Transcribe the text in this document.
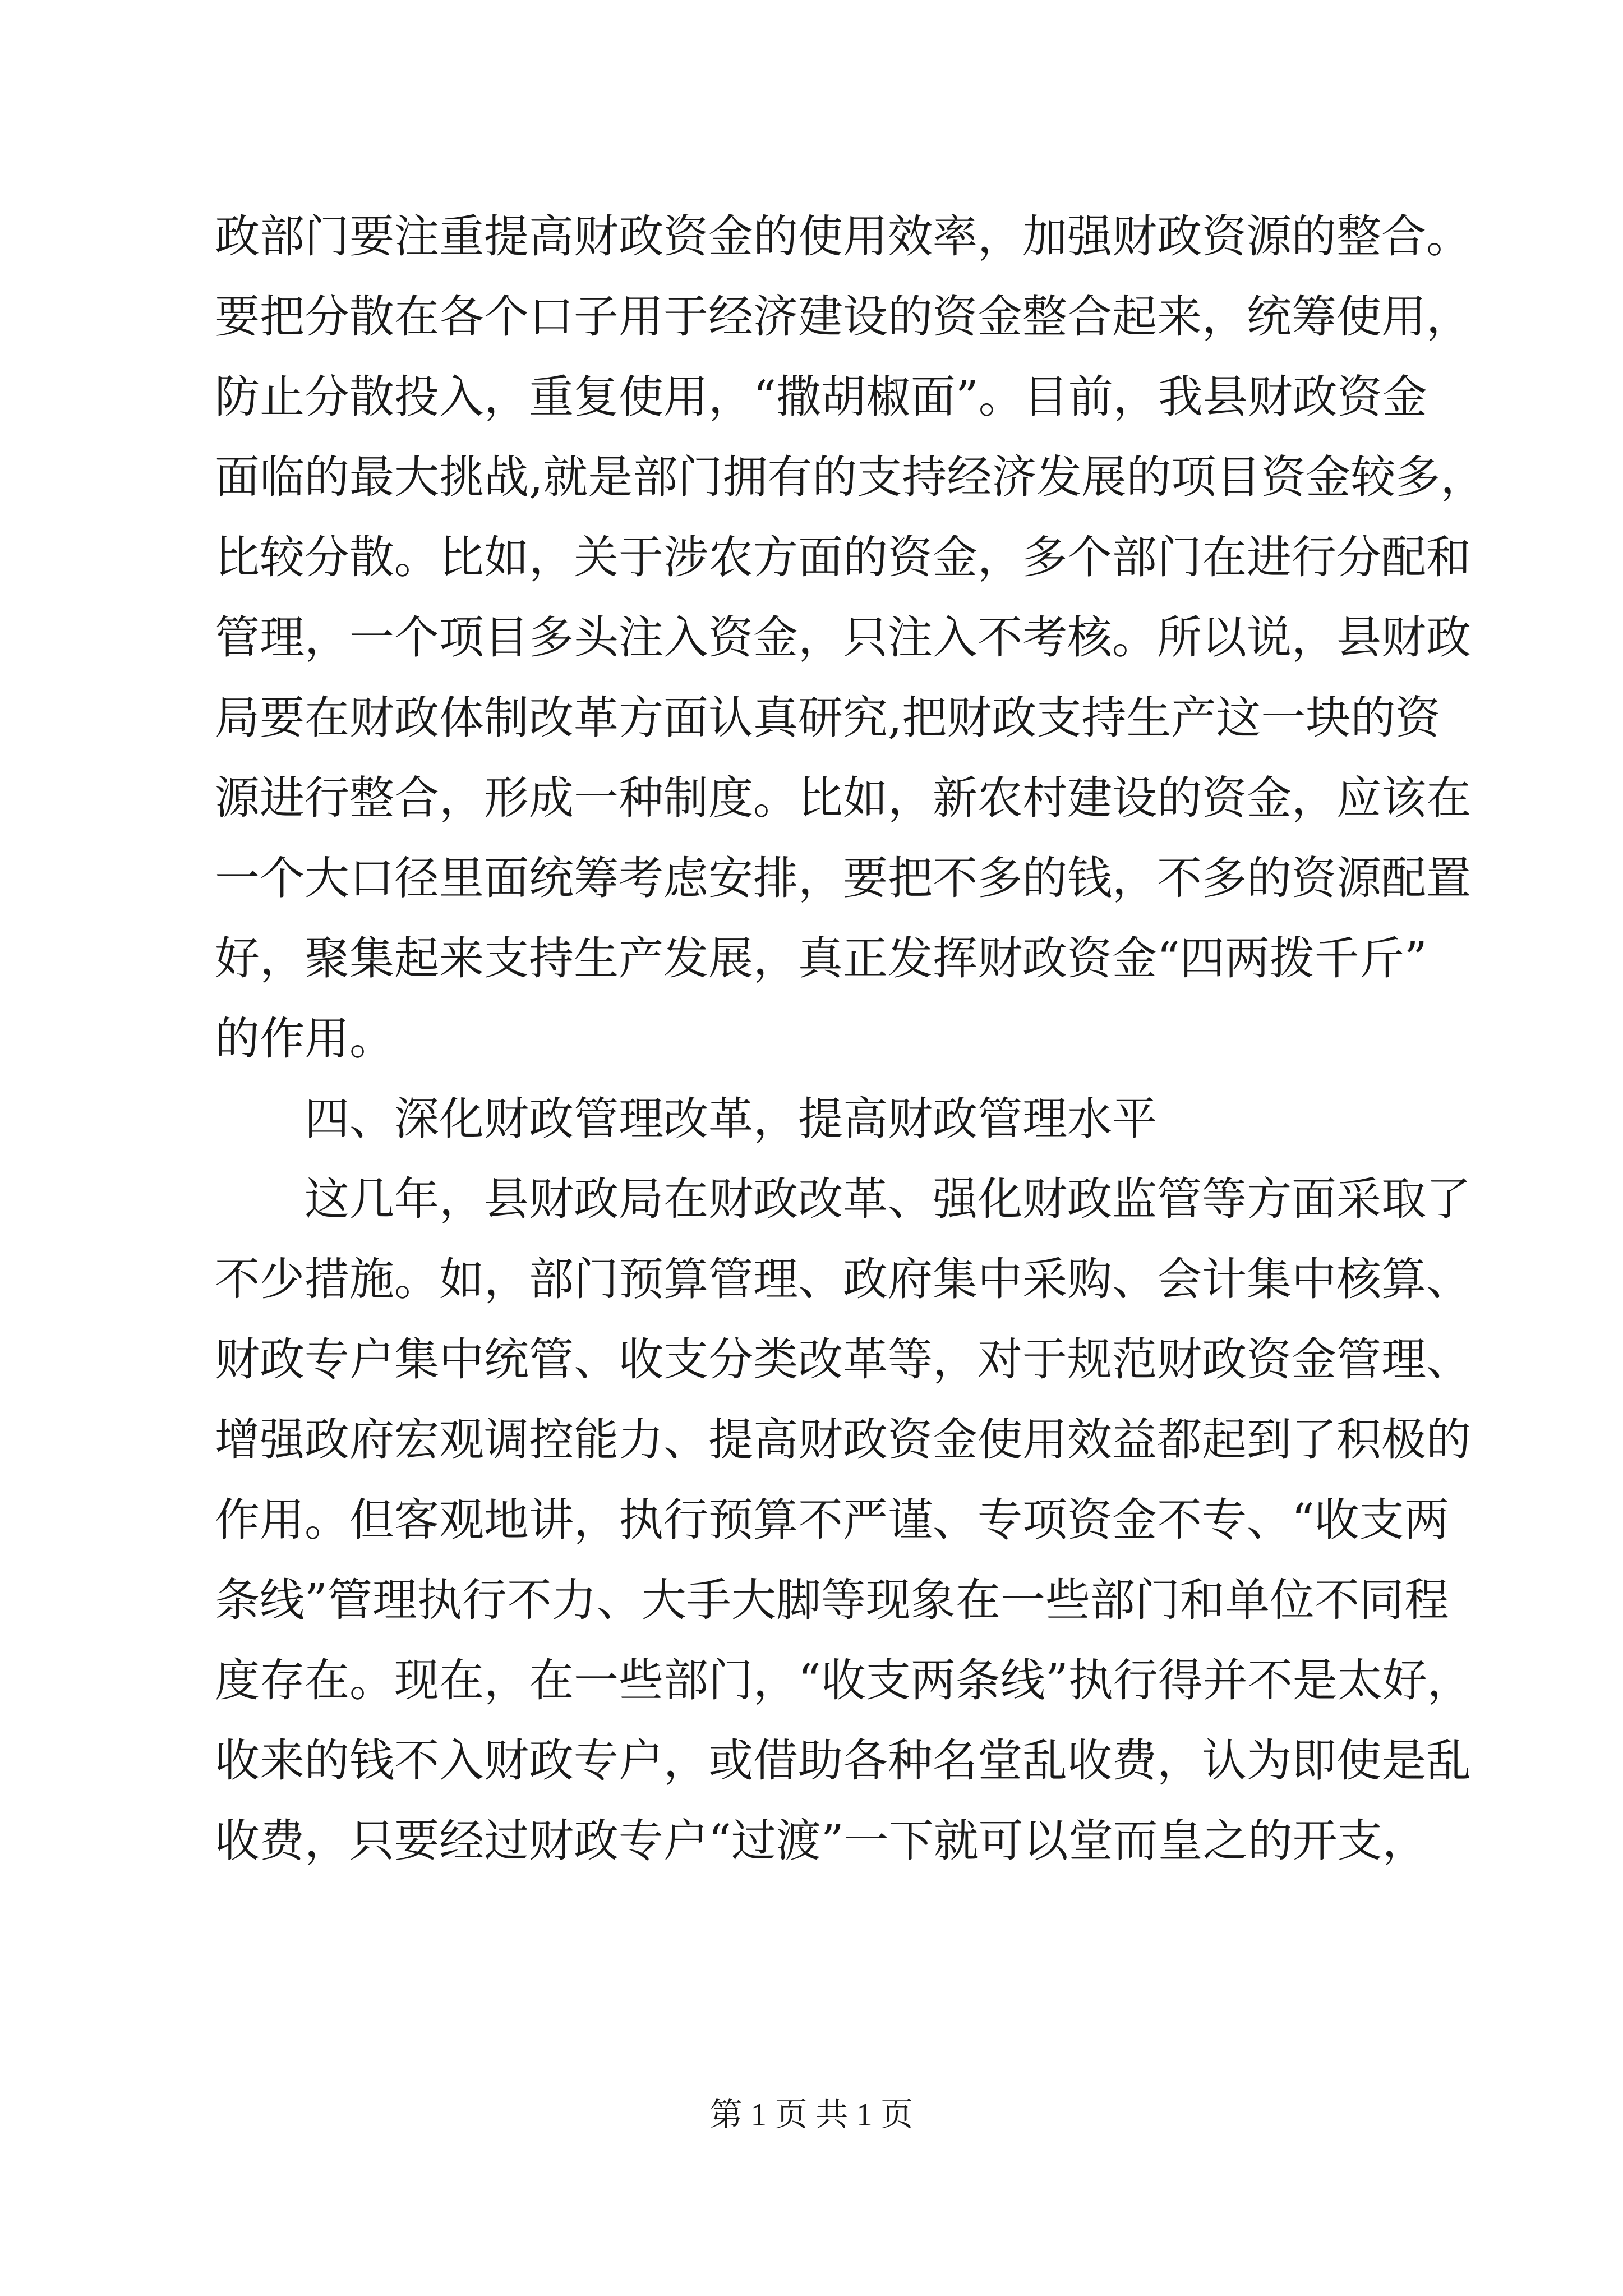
政部门要注重提高财政资金的使用效率，加强财政资源的整合。
要把分散在各个口子用于经济建设的资金整合起来，统筹使用，
防止分散投入，重复使用，“撒胡椒面”。目前，我县财政资金
面临的最大挑战,就是部门拥有的支持经济发展的项目资金较多，
比较分散。比如，关于涉农方面的资金，多个部门在进行分配和
管理，一个项目多头注入资金，只注入不考核。所以说，县财政
局要在财政体制改革方面认真研究,把财政支持生产这一块的资
源进行整合，形成一种制度。比如，新农村建设的资金，应该在
一个大口径里面统筹考虑安排，要把不多的钱，不多的资源配置
好，聚集起来支持生产发展，真正发挥财政资金“四两拨千斤”
的作用。
四、深化财政管理改革，提高财政管理水平
这几年，县财政局在财政改革、强化财政监管等方面采取了
不少措施。如，部门预算管理、政府集中采购、会计集中核算、
财政专户集中统管、收支分类改革等，对于规范财政资金管理、
增强政府宏观调控能力、提高财政资金使用效益都起到了积极的
作用。但客观地讲，执行预算不严谨、专项资金不专、“收支两
条线”管理执行不力、大手大脚等现象在一些部门和单位不同程
度存在。现在，在一些部门，“收支两条线”执行得并不是太好，
收来的钱不入财政专户，或借助各种名堂乱收费，认为即使是乱
收费，只要经过财政专户“过渡”一下就可以堂而皇之的开支，
第 1 页 共 1 页
